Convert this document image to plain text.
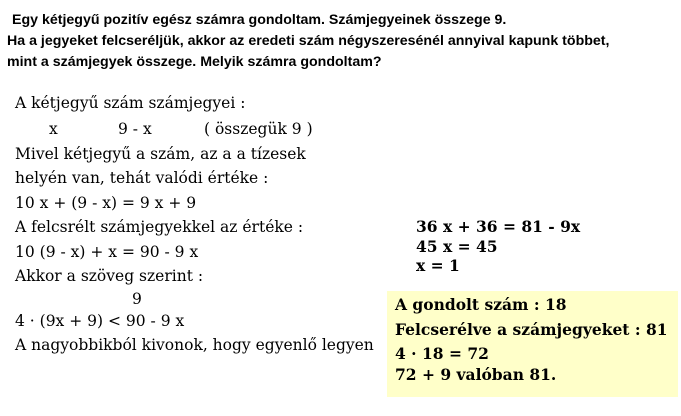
Egy kétjegyű pozitív egész számra gondoltam. Számjegyeinek összege 9.
Ha a jegyeket felcseréljük, akkor az eredeti szám négyszeresénél annyival kapunk többet,
mint a számjegyek összege. Melyik számra gondoltam?
A kétjegyű szám számjegyei :
x	9 - x	( összegük 9 )
Mivel kétjegyű a szám, az a a tízesek
helyén van, tehát valódi értéke :
10 x + (9 - x) = 9 x + 9
A felcsrélt számjegyekkel az értéke :
10 (9 - x) + x = 90 - 9 x
Akkor a szöveg szerint :
9
4 · (9x + 9) < 90 - 9 x
A nagyobbikból kivonok, hogy egyenlő legyen
36 x + 36 = 81 - 9x
45 x = 45
x = 1
A gondolt szám : 18
Felcserélve a számjegyeket : 81
4 · 18 = 72
72 + 9 valóban 81.
